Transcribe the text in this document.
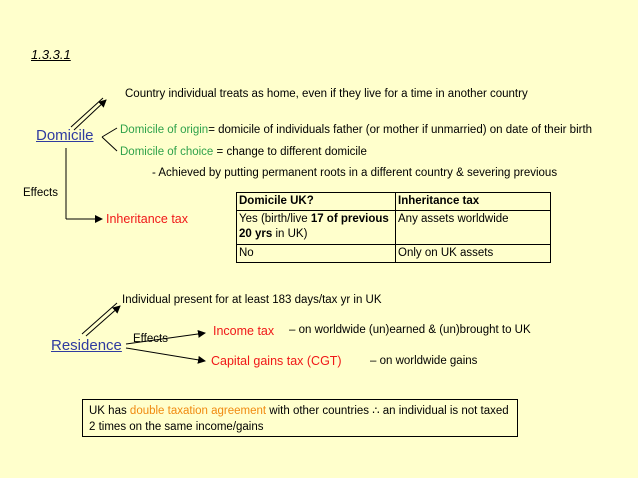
1.3.3.1
Country individual treats as home, even if they live for a time in another country
Domicile Domicile of origin= domicile of individuals father (or mother if unmarried) on date of their birth
Domicile of choice = change to different domicile
- Achieved by putting permanent roots in a different country & severing previous
Effects
Inheritance tax
Domicile UK?	Inheritance tax
Yes (birth/live 17 of previous 20 yrs in UK)	Any assets worldwide
No	Only on UK assets
Individual present for at least 183 days/tax yr in UK
Residence Effects
Income tax – on worldwide (un)earned & (un)brought to UK
Capital gains tax (CGT) – on worldwide gains
UK has double taxation agreement with other countries ∴ an individual is not taxed 2 times on the same income/gains
